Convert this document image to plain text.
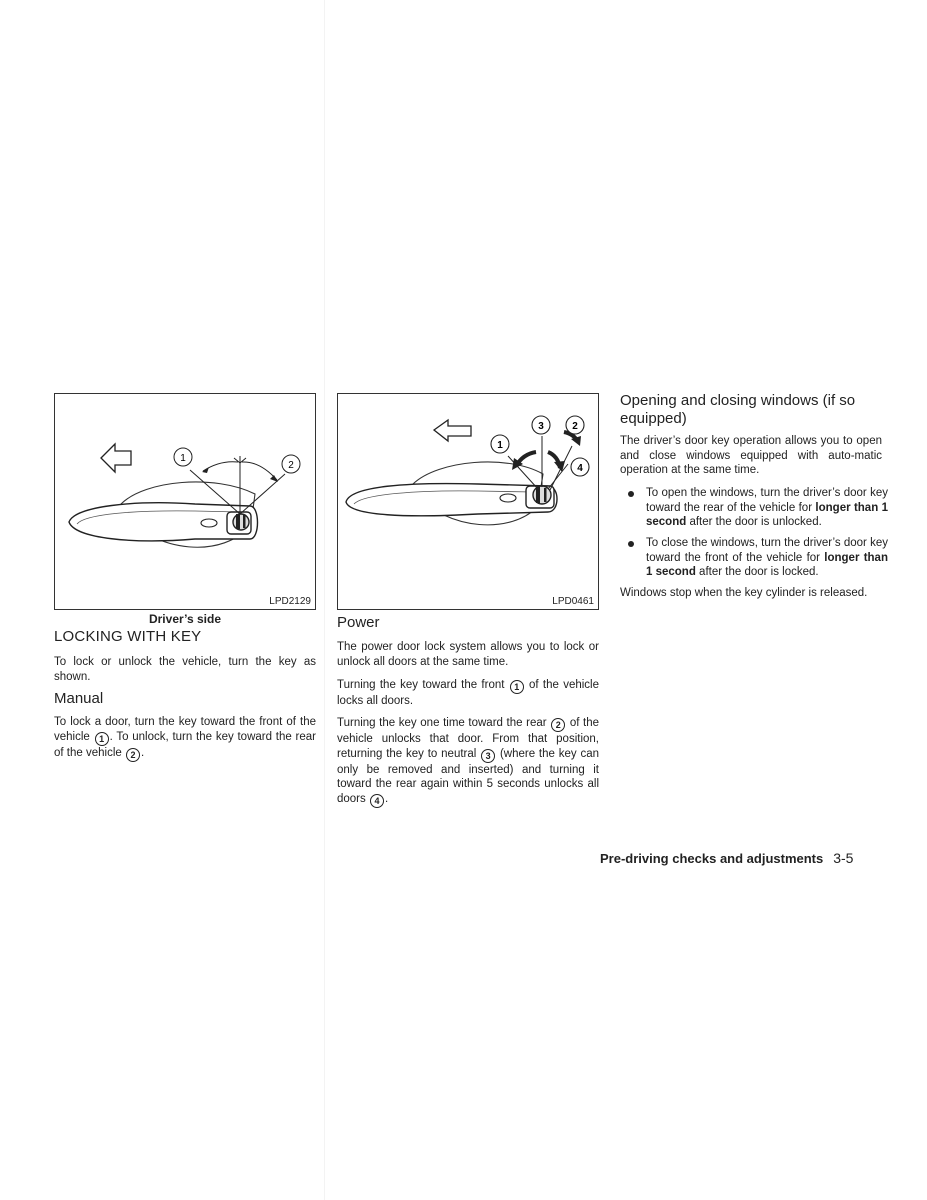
1
2
LPD2129
Driver’s side
LOCKING WITH KEY
To lock or unlock the vehicle, turn the key as shown.
Manual
To lock a door, turn the key toward the front of the vehicle 1 . To unlock, turn the key toward the rear of the vehicle 2 .
1
3	2
4
LPD0461
Power
The power door lock system allows you to lock or unlock all doors at the same time.
Turning the key toward the front 1 of the vehicle locks all doors.
Turning the key one time toward the rear 2 of the vehicle unlocks that door. From that position, returning the key to neutral 3 (where the key can only be removed and inserted) and turning it toward the rear again within 5 seconds unlocks all doors 4 .
Opening and closing windows (if so equipped)
The driver’s door key operation allows you to open and close windows equipped with auto-matic operation at the same time.
To open the windows, turn the driver’s door key toward the rear of the vehicle for longer than 1 second after the door is unlocked.
To close the windows, turn the driver’s door key toward the front of the vehicle for longer than 1 second after the door is locked.
Windows stop when the key cylinder is released.
Pre-driving checks and adjustments 3-5
